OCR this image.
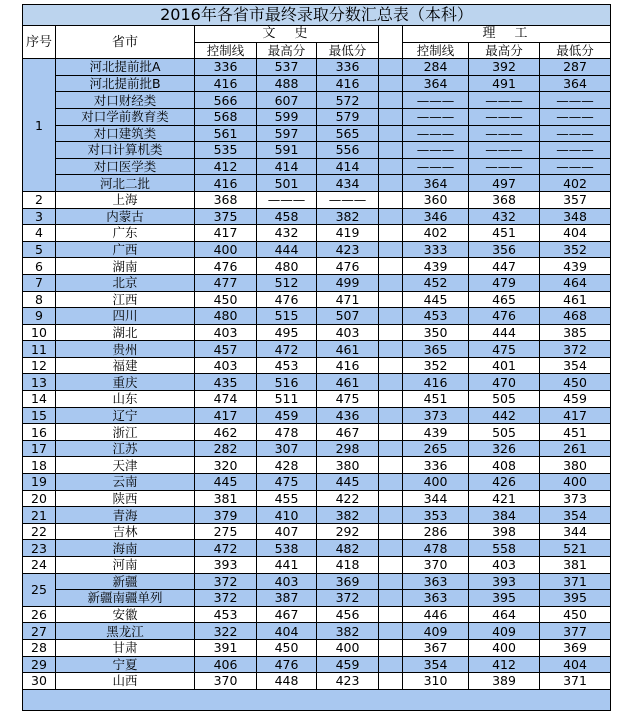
2016年各省市最终录取分数汇总表（本科）								
序号	省市	文　史				理　工		
		控制线	最高分	最低分		控制线	最高分	最低分
1	河北提前批A	336	537	336		284	392	287
	河北提前批B	416	488	416		364	491	364
	对口财经类	566	607	572		———	———	———
	对口学前教育类	568	599	579		———	———	———
	对口建筑类	561	597	565		———	———	———
	对口计算机类	535	591	556		———	———	———
	对口医学类	412	414	414		———	———	———
	河北二批	416	501	434		364	497	402
2	上海	368	———	———		360	368	357
3	内蒙古	375	458	382		346	432	348
4	广东	417	432	419		402	451	404
5	广西	400	444	423		333	356	352
6	湖南	476	480	476		439	447	439
7	北京	477	512	499		452	479	464
8	江西	450	476	471		445	465	461
9	四川	480	515	507		453	476	468
10	湖北	403	495	403		350	444	385
11	贵州	457	472	461		365	475	372
12	福建	403	453	416		352	401	354
13	重庆	435	516	461		416	470	450
14	山东	474	511	475		451	505	459
15	辽宁	417	459	436		373	442	417
16	浙江	462	478	467		439	505	451
17	江苏	282	307	298		265	326	261
18	天津	320	428	380		336	408	380
19	云南	445	475	445		400	426	400
20	陕西	381	455	422		344	421	373
21	青海	379	410	382		353	384	354
22	吉林	275	407	292		286	398	344
23	海南	472	538	482		478	558	521
24	河南	393	441	418		370	403	381
25	新疆	372	403	369		363	393	371
	新疆南疆单列	372	387	372		363	395	395
26	安徽	453	467	456		446	464	450
27	黑龙江	322	404	382		409	409	377
28	甘肃	391	450	400		367	400	369
29	宁夏	406	476	459		354	412	404
30	山西	370	448	423		310	389	371
